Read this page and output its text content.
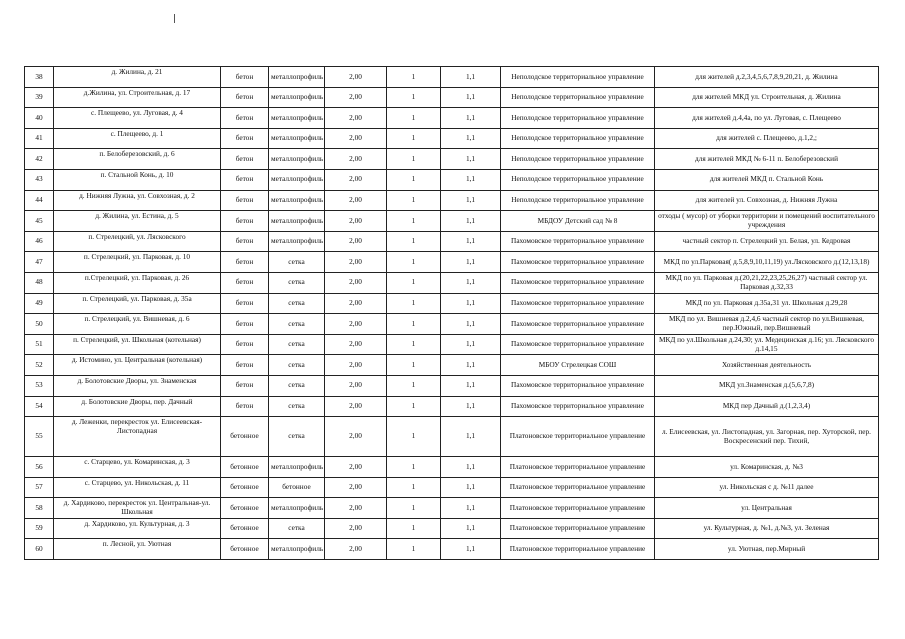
38	д. Жилина, д. 21	бетон	металлопрофиль	2,00	1	1,1	Неполодское территориальное управление	для жителей д.2,3,4,5,6,7,8,9,20,21, д. Жилина
39	д.Жилина, ул. Строительная, д. 17	бетон	металлопрофиль	2,00	1	1,1	Неполодское территориальное управление	для жителей МКД ул. Строительная, д. Жилина
40	с. Плещеево, ул. Луговая, д. 4	бетон	металлопрофиль	2,00	1	1,1	Неполодское территориальное управление	для жителей д.4,4а, по ул. Луговая, с. Плещеево
41	с. Плещеево, д. 1	бетон	металлопрофиль	2,00	1	1,1	Неполодское территориальное управление	для жителей с. Плещеево, д.1,2,;
42	п. Белоберезовский, д. 6	бетон	металлопрофиль	2,00	1	1,1	Неполодское территориальное управление	для жителей МКД № 6-11 п. Белоберезовский
43	п. Стальной Конь, д. 10	бетон	металлопрофиль	2,00	1	1,1	Неполодское территориальное управление	для жителей МКД п. Стальной Конь
44	д. Нижняя Лужна, ул. Совхозная, д. 2	бетон	металлопрофиль	2,00	1	1,1	Неполодское территориальное управление	для жителей ул. Совхозная, д. Нижняя Лужна
45	д. Жилина, ул. Естина, д. 5	бетон	металлопрофиль	2,00	1	1,1	МБДОУ Детский сад № 8	отходы ( мусор) от уборки территории и помещений воспитательного учреждения
46	п. Стрелецкий, ул. Лясковского	бетон	металлопрофиль	2,00	1	1,1	Пахомовское территориальное управление	частный сектор п. Стрелецкий ул. Белая, ул. Кедровая
47	п. Стрелецкий, ул. Парковая, д. 10	бетон	сетка	2,00	1	1,1	Пахомовское территориальное управление	МКД по ул.Парковая( д.5,8,9,10,11,19) ул.Лясковского д.(12,13,18)
48	п.Стрелецкий, ул. Парковая, д. 26	бетон	сетка	2,00	1	1,1	Пахомовское территориальное управление	МКД по ул. Парковая д.(20,21,22,23,25,26,27) частный сектор ул. Парковая д.32,33
49	п. Стрелецкий, ул. Парковая, д. 35а	бетон	сетка	2,00	1	1,1	Пахомовское территориальное управление	МКД по ул. Парковая д.35а,31 ул. Школьная д.29,28
50	п. Стрелецкий, ул. Вишневая, д. 6	бетон	сетка	2,00	1	1,1	Пахомовское территориальное управление	МКД по ул. Вишневая д.2,4,6 частный сектор по ул.Вишневая, пер.Южный, пер.Вишневый
51	п. Стрелецкий, ул. Школьная (котельная)	бетон	сетка	2,00	1	1,1	Пахомовское территориальное управление	МКД по ул.Школьная д.24,30; ул. Медецинская д.16; ул. Лясковского д.14,15
52	д. Истомино, ул. Центральная (котельная)	бетон	сетка	2,00	1	1,1	МБОУ Стрелецкая СОШ	Хозяйственная деятельность
53	д. Болотовские Дворы, ул. Знаменская	бетон	сетка	2,00	1	1,1	Пахомовское территориальное управление	МКД ул.Знаменская д.(5,6,7,8)
54	д. Болотовские Дворы, пер. Дачный	бетон	сетка	2,00	1	1,1	Пахомовское территориальное управление	МКД пер Дачный д.(1,2,3,4)
55	д. Леженки, перекресток ул. Елисеевская-Листопадная	бетонное	сетка	2,00	1	1,1	Платоновское территориальное управление	л. Елисеевская, ул. Листопадная, ул. Загорная, пер. Хуторской, пер. Воскресенский пер. Тихий,
56	с. Старцево, ул. Комаринская, д. 3	бетонное	металлопрофиль	2,00	1	1,1	Платоновское территориальное управление	ул. Комаринская, д. №3
57	с. Старцево, ул. Никольская, д. 11	бетонное	бетонное	2,00	1	1,1	Платоновское территориальное управление	ул. Никольская с д. №11 далее
58	д. Хардиково, перекресток ул. Центральная-ул. Школьная	бетонное	металлопрофиль	2,00	1	1,1	Платоновское территориальное управление	ул. Центральная
59	д. Хардиково, ул. Культурная, д. 3	бетонное	сетка	2,00	1	1,1	Платоновское территориальное управление	ул. Культурная, д. №1, д.№3, ул. Зеленая
60	п. Лесной, ул. Уютная	бетонное	металлопрофиль	2,00	1	1,1	Платоновское территориальное управление	ул. Уютная, пер.Мирный
